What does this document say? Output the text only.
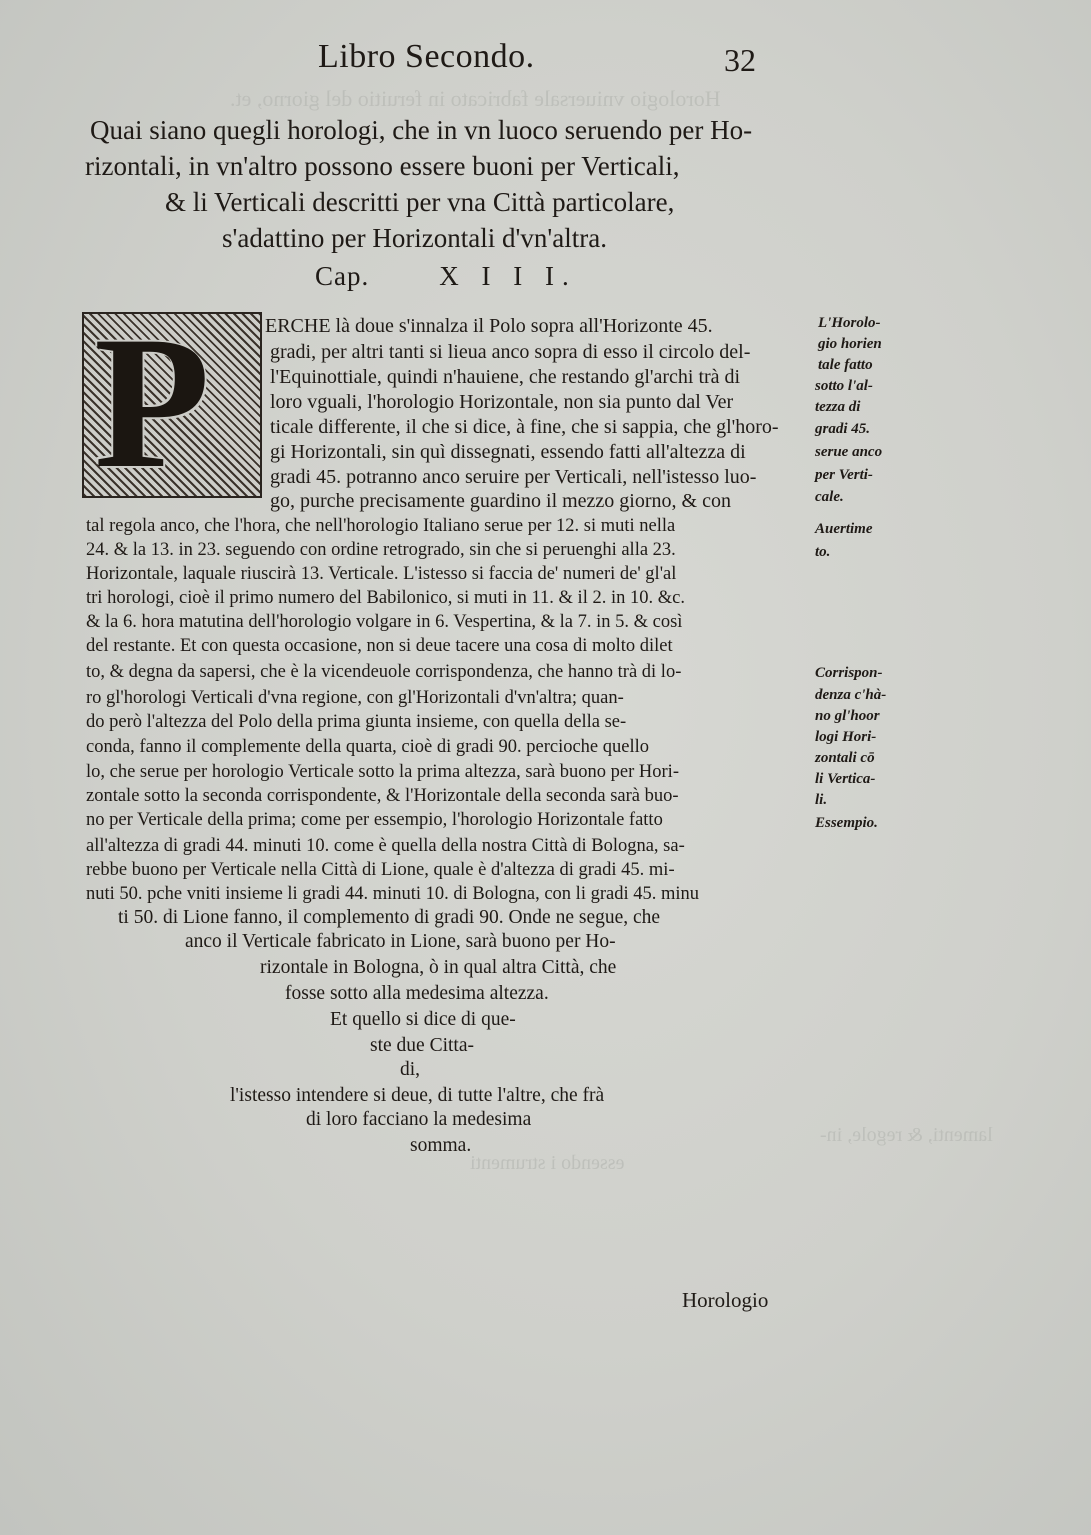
Horologio vniuersale fabricato in feruitio del giorno, et.
lamenti, & regole, in-
essendo i strumenti
Libro Secondo.	32
Quai siano quegli horologi, che in vn luoco seruendo per Ho-
rizontali, in vn'altro possono essere buoni per Verticali,
& li Verticali descritti per vna Città particolare,
s'adattino per Horizontali d'vn'altra.
Cap.	X I I I.
P	ERCHE là doue s'innalza il Polo sopra all'Horizonte 45.
gradi, per altri tanti si lieua anco sopra di esso il circolo del-
l'Equinottiale, quindi n'hauiene, che restando gl'archi trà di
loro vguali, l'horologio Horizontale, non sia punto dal Ver
ticale differente, il che si dice, à fine, che si sappia, che gl'horo-
gi Horizontali, sin quì dissegnati, essendo fatti all'altezza di
gradi 45. potranno anco seruire per Verticali, nell'istesso luo-
go, purche precisamente guardino il mezzo giorno, & con
tal regola anco, che l'hora, che nell'horologio Italiano serue per 12. si muti nella
24. & la 13. in 23. seguendo con ordine retrogrado, sin che si peruenghi alla 23.
Horizontale, laquale riuscirà 13. Verticale. L'istesso si faccia de' numeri de' gl'al
tri horologi, cioè il primo numero del Babilonico, si muti in 11. & il 2. in 10. &c.
& la 6. hora matutina dell'horologio volgare in 6. Vespertina, & la 7. in 5. & così
del restante. Et con questa occasione, non si deue tacere una cosa di molto dilet
to, & degna da sapersi, che è la vicendeuole corrispondenza, che hanno trà di lo-
ro gl'horologi Verticali d'vna regione, con gl'Horizontali d'vn'altra; quan-
do però l'altezza del Polo della prima giunta insieme, con quella della se-
conda, fanno il complemente della quarta, cioè di gradi 90. percioche quello
lo, che serue per horologio Verticale sotto la prima altezza, sarà buono per Hori-
zontale sotto la seconda corrispondente, & l'Horizontale della seconda sarà buo-
no per Verticale della prima; come per essempio, l'horologio Horizontale fatto
all'altezza di gradi 44. minuti 10. come è quella della nostra Città di Bologna, sa-
rebbe buono per Verticale nella Città di Lione, quale è d'altezza di gradi 45. mi-
nuti 50. pche vniti insieme li gradi 44. minuti 10. di Bologna, con li gradi 45. minu
ti 50. di Lione fanno, il complemento di gradi 90. Onde ne segue, che
anco il Verticale fabricato in Lione, sarà buono per Ho-
rizontale in Bologna, ò in qual altra Città, che
fosse sotto alla medesima altezza.
Et quello si dice di que-
ste due Citta-
di,
l'istesso intendere si deue, di tutte l'altre, che frà
di loro facciano la medesima
somma.
L'Horolo-
gio horien
tale fatto
sotto l'al-
tezza di
gradi 45.
serue anco
per Verti-
cale.
Auertime
to.
Corrispon-
denza c'hà-
no gl'hoor
logi Hori-
zontali cō
li Vertica-
li.
Essempio.
Horologio
